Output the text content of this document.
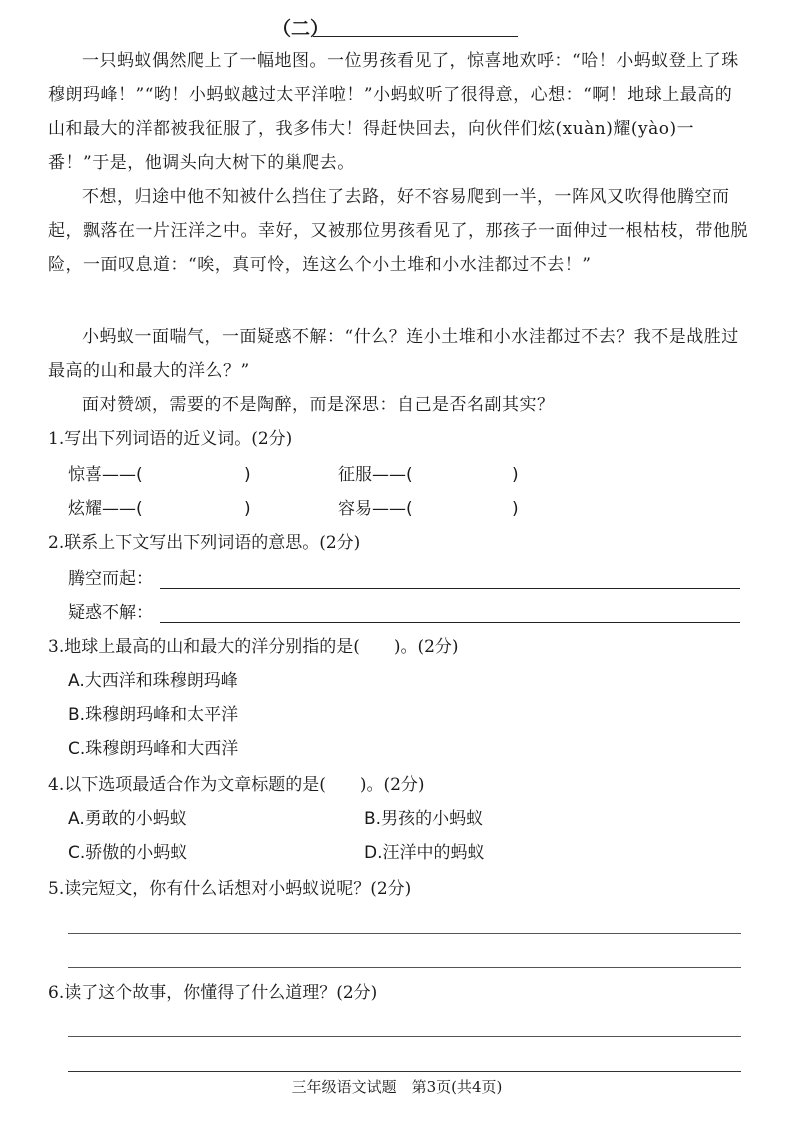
（二）

一只蚂蚁偶然爬上了一幅地图。一位男孩看见了，惊喜地欢呼：“哈！小蚂蚁登上了珠穆朗玛峰！”“哟！小蚂蚁越过太平洋啦！”小蚂蚁听了很得意，心想：“啊！地球上最高的山和最大的洋都被我征服了，我多伟大！得赶快回去，向伙伴们炫(xuàn)耀(yào)一番！”于是，他调头向大树下的巢爬去。

不想，归途中他不知被什么挡住了去路，好不容易爬到一半，一阵风又吹得他腾空而起，飘落在一片汪洋之中。幸好，又被那位男孩看见了，那孩子一面伸过一根枯枝，带他脱险，一面叹息道：“唉，真可怜，连这么个小土堆和小水洼都过不去！”

小蚂蚁一面喘气，一面疑惑不解：“什么？连小土堆和小水洼都过不去？我不是战胜过最高的山和最大的洋么？”

面对赞颂，需要的不是陶醉，而是深思：自己是否名副其实？

1.写出下列词语的近义词。(2分)
惊喜——(	)	征服——(	)
炫耀——(	)	容易——(	)
2.联系上下文写出下列词语的意思。(2分)
腾空而起：
疑惑不解：
3.地球上最高的山和最大的洋分别指的是(　　)。(2分)
A.大西洋和珠穆朗玛峰
B.珠穆朗玛峰和太平洋
C.珠穆朗玛峰和大西洋
4.以下选项最适合作为文章标题的是(　　)。(2分)
A.勇敢的小蚂蚁	B.男孩的小蚂蚁
C.骄傲的小蚂蚁	D.汪洋中的蚂蚁
5.读完短文，你有什么话想对小蚂蚁说呢？(2分)
6.读了这个故事，你懂得了什么道理？(2分)
三年级语文试题　第3页(共4页)
